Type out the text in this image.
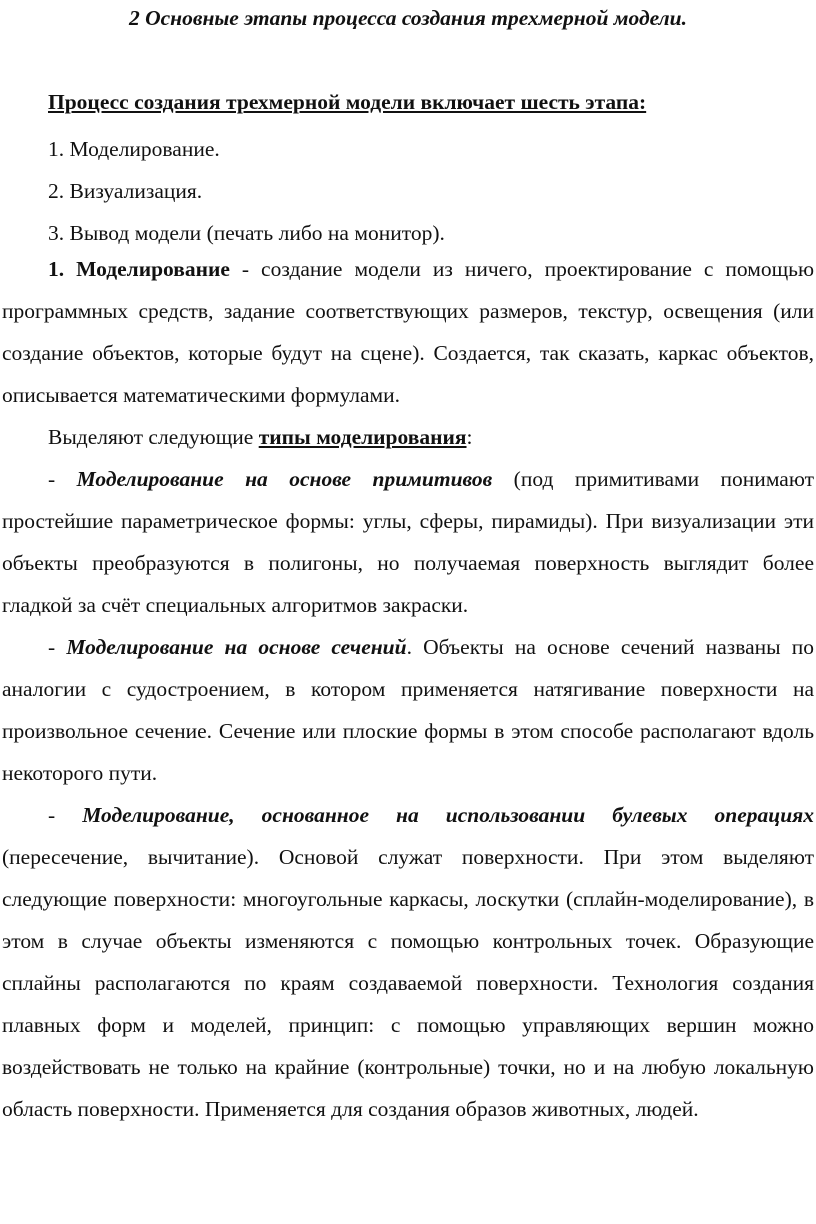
2 Основные этапы процесса создания трехмерной модели.
Процесс создания трехмерной модели включает шесть этапа:
1. Моделирование.
2. Визуализация.
3. Вывод модели (печать либо на монитор).

1. Моделирование - создание модели из ничего, проектирование с помощью программных средств, задание соответствующих размеров, текстур, освещения (или создание объектов, которые будут на сцене). Создается, так сказать, каркас объектов, описывается математическими формулами.

Выделяют следующие типы моделирования:

- Моделирование на основе примитивов (под примитивами понимают простейшие параметрическое формы: углы, сферы, пирамиды). При визуализации эти объекты преобразуются в полигоны, но получаемая поверхность выглядит более гладкой за счёт специальных алгоритмов закраски.

- Моделирование на основе сечений. Объекты на основе сечений названы по аналогии с судостроением, в котором применяется натягивание поверхности на произвольное сечение. Сечение или плоские формы в этом способе располагают вдоль некоторого пути.

- Моделирование, основанное на использовании булевых операциях (пересечение, вычитание). Основой служат поверхности. При этом выделяют следующие поверхности: многоугольные каркасы, лоскутки (сплайн-моделирование), в этом в случае объекты изменяются с помощью контрольных точек. Образующие сплайны располагаются по краям создаваемой поверхности. Технология создания плавных форм и моделей, принцип: с помощью управляющих вершин можно воздействовать не только на крайние (контрольные) точки, но и на любую локальную область поверхности. Применяется для создания образов животных, людей.
